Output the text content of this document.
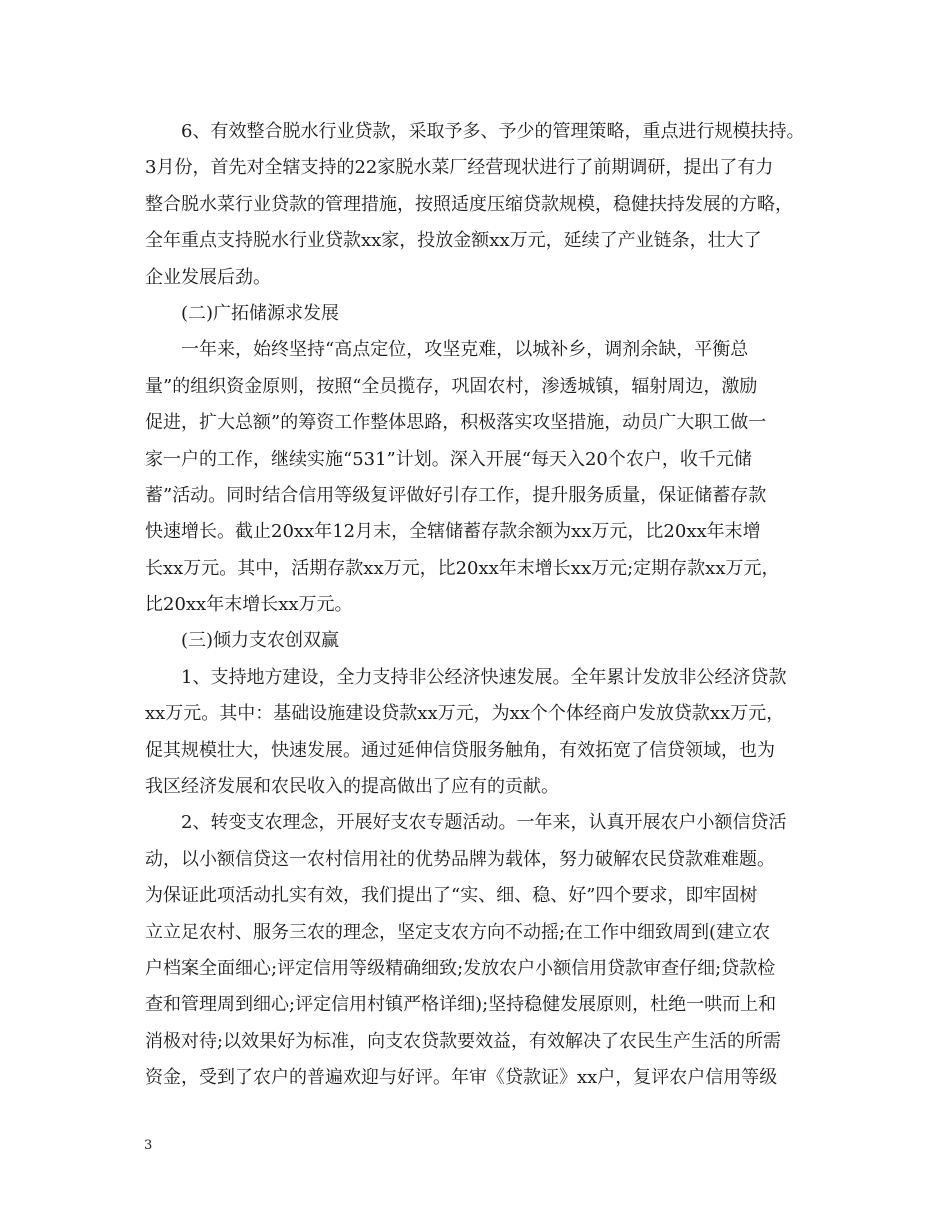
6、有效整合脱水行业贷款，采取予多、予少的管理策略，重点进行规模扶持。
3月份，首先对全辖支持的22家脱水菜厂经营现状进行了前期调研，提出了有力
整合脱水菜行业贷款的管理措施，按照适度压缩贷款规模，稳健扶持发展的方略，
全年重点支持脱水行业贷款xx家，投放金额xx万元，延续了产业链条，壮大了
企业发展后劲。
(二)广拓储源求发展
一年来，始终坚持“高点定位，攻坚克难，以城补乡，调剂余缺，平衡总
量”的组织资金原则，按照“全员揽存，巩固农村，渗透城镇，辐射周边，激励
促进，扩大总额”的筹资工作整体思路，积极落实攻坚措施，动员广大职工做一
家一户的工作，继续实施“531”计划。深入开展“每天入20个农户，收千元储
蓄”活动。同时结合信用等级复评做好引存工作，提升服务质量，保证储蓄存款
快速增长。截止20xx年12月末，全辖储蓄存款余额为xx万元，比20xx年末增
长xx万元。其中，活期存款xx万元，比20xx年末增长xx万元;定期存款xx万元，
比20xx年末增长xx万元。
(三)倾力支农创双赢
1、支持地方建设，全力支持非公经济快速发展。全年累计发放非公经济贷款
xx万元。其中：基础设施建设贷款xx万元，为xx个个体经商户发放贷款xx万元，
促其规模壮大，快速发展。通过延伸信贷服务触角，有效拓宽了信贷领域，也为
我区经济发展和农民收入的提高做出了应有的贡献。
2、转变支农理念，开展好支农专题活动。一年来，认真开展农户小额信贷活
动，以小额信贷这一农村信用社的优势品牌为载体，努力破解农民贷款难难题。
为保证此项活动扎实有效，我们提出了“实、细、稳、好”四个要求，即牢固树
立立足农村、服务三农的理念，坚定支农方向不动摇;在工作中细致周到(建立农
户档案全面细心;评定信用等级精确细致;发放农户小额信用贷款审查仔细;贷款检
查和管理周到细心;评定信用村镇严格详细);坚持稳健发展原则，杜绝一哄而上和
消极对待;以效果好为标准，向支农贷款要效益，有效解决了农民生产生活的所需
资金，受到了农户的普遍欢迎与好评。年审《贷款证》xx户，复评农户信用等级
3
